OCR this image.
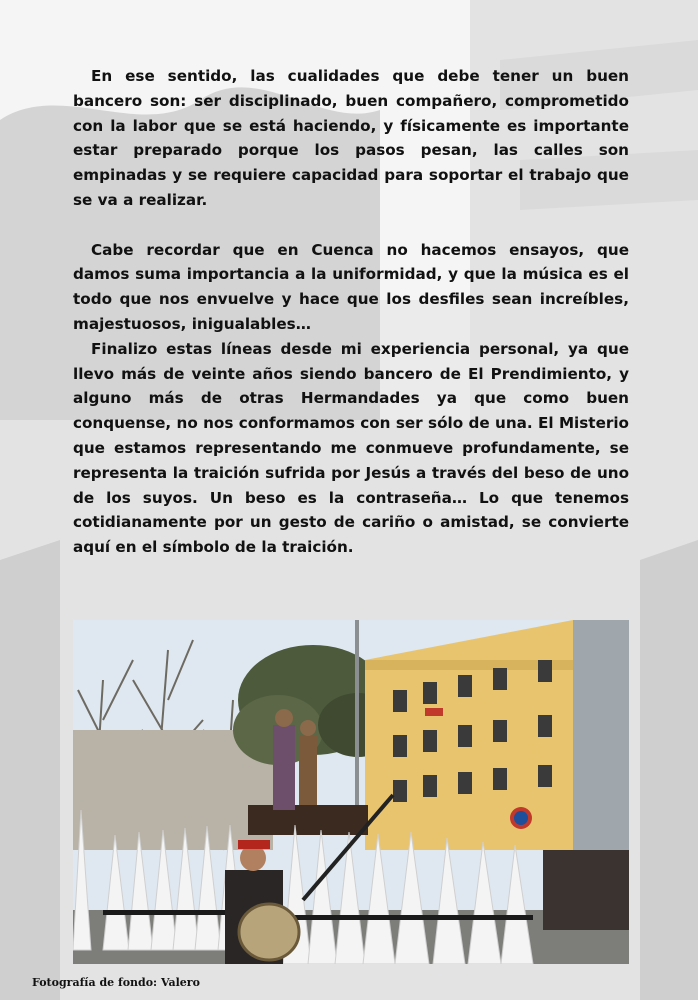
En ese sentido, las cualidades que debe tener un buen bancero son: ser disciplinado, buen compañero, comprometido con la labor que se está haciendo, y físicamente es importante estar preparado porque los pasos pesan, las calles son empinadas y se requiere capacidad para soportar el trabajo que se va a realizar.

Cabe recordar que en Cuenca no hacemos ensayos, que damos suma importancia a la uniformidad, y que la música es el todo que nos envuelve y hace que los desfiles sean increíbles, majestuosos, inigualables…

Finalizo estas líneas desde mi experiencia personal, ya que llevo más de veinte años siendo bancero de El Prendimiento, y alguno más de otras Hermandades ya que como buen conquense, no nos conformamos con ser sólo de una. El Misterio que estamos representando me conmueve profundamente, se representa la traición sufrida por Jesús a través del beso de uno de los suyos. Un beso es la contraseña… Lo que tenemos cotidianamente por un gesto de cariño o amistad, se convierte aquí en el símbolo de la traición.

Fotografía de fondo: Valero
